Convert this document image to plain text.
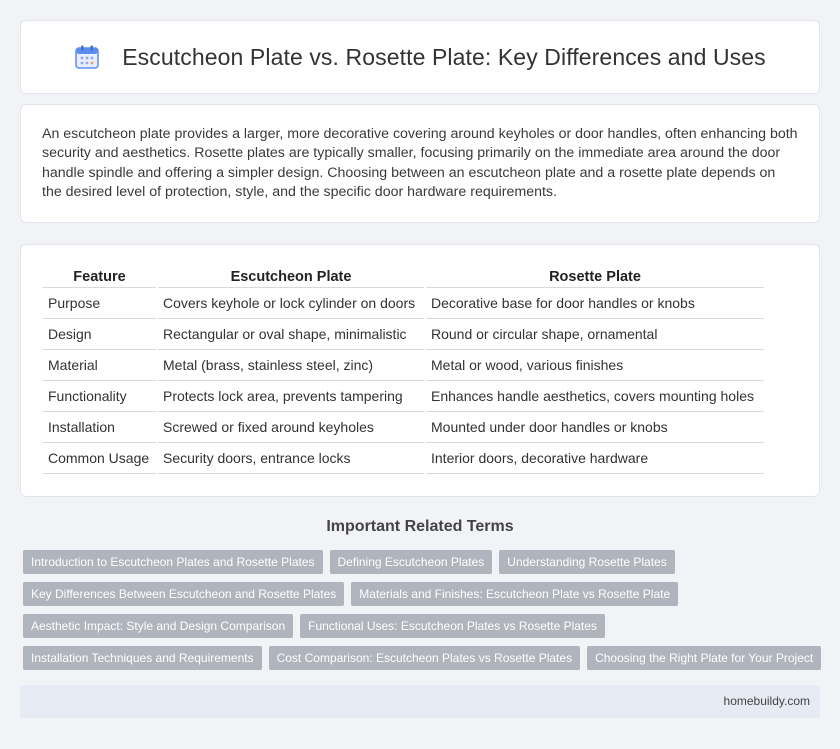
Escutcheon Plate vs. Rosette Plate: Key Differences and Uses

An escutcheon plate provides a larger, more decorative covering around keyholes or door handles, often enhancing both security and aesthetics. Rosette plates are typically smaller, focusing primarily on the immediate area around the door handle spindle and offering a simpler design. Choosing between an escutcheon plate and a rosette plate depends on the desired level of protection, style, and the specific door hardware requirements.

Feature	Escutcheon Plate	Rosette Plate
Purpose	Covers keyhole or lock cylinder on doors	Decorative base for door handles or knobs
Design	Rectangular or oval shape, minimalistic	Round or circular shape, ornamental
Material	Metal (brass, stainless steel, zinc)	Metal or wood, various finishes
Functionality	Protects lock area, prevents tampering	Enhances handle aesthetics, covers mounting holes
Installation	Screwed or fixed around keyholes	Mounted under door handles or knobs
Common Usage	Security doors, entrance locks	Interior doors, decorative hardware
Important Related Terms
Introduction to Escutcheon Plates and Rosette Plates	Defining Escutcheon Plates	Understanding Rosette Plates
Key Differences Between Escutcheon and Rosette Plates	Materials and Finishes: Escutcheon Plate vs Rosette Plate
Aesthetic Impact: Style and Design Comparison	Functional Uses: Escutcheon Plates vs Rosette Plates
Installation Techniques and Requirements	Cost Comparison: Escutcheon Plates vs Rosette Plates	Choosing the Right Plate for Your Project
homebuildy.com
